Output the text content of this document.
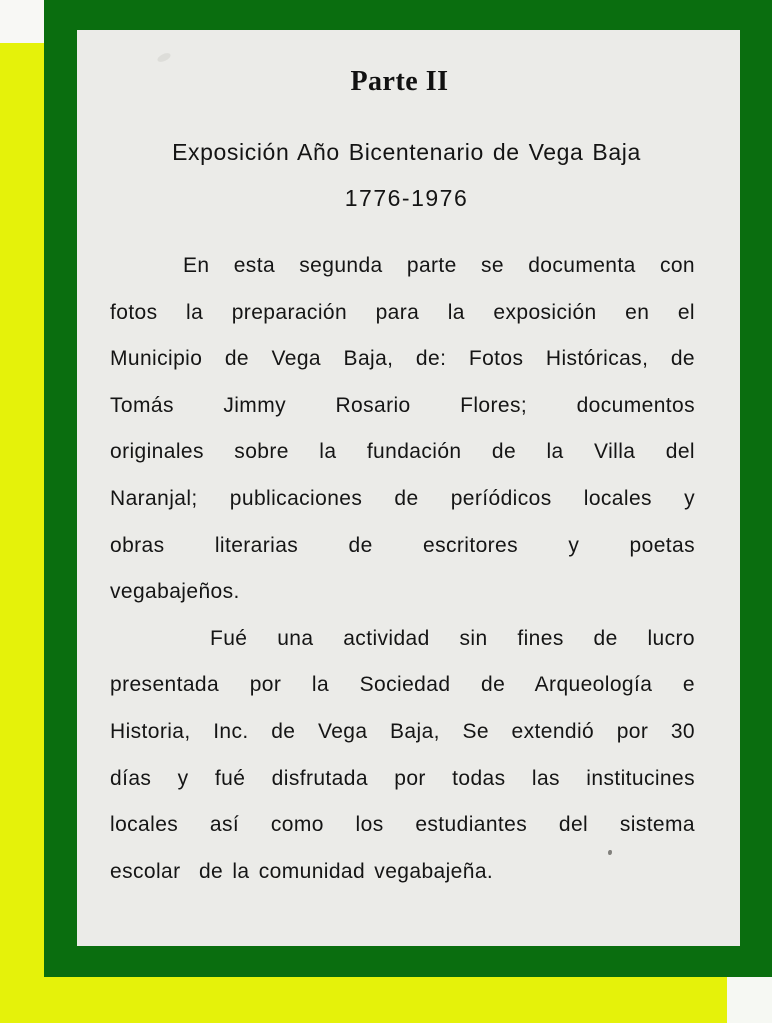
Parte II
Exposición Año Bicentenario de Vega Baja
1776-1976
En esta segunda parte se documenta con
fotos la preparación para la exposición en el
Municipio de Vega Baja, de: Fotos Históricas, de
Tomás Jimmy Rosario Flores; documentos
originales sobre la fundación de la Villa del
Naranjal; publicaciones de períódicos locales y
obras literarias de escritores y poetas
vegabajeños.
Fué una actividad sin fines de lucro
presentada por la Sociedad de Arqueología e
Historia, Inc. de Vega Baja, Se extendió por 30
días y fué disfrutada por todas las institucines
locales así como los estudiantes del sistema
escolar  de la comunidad vegabajeña.
